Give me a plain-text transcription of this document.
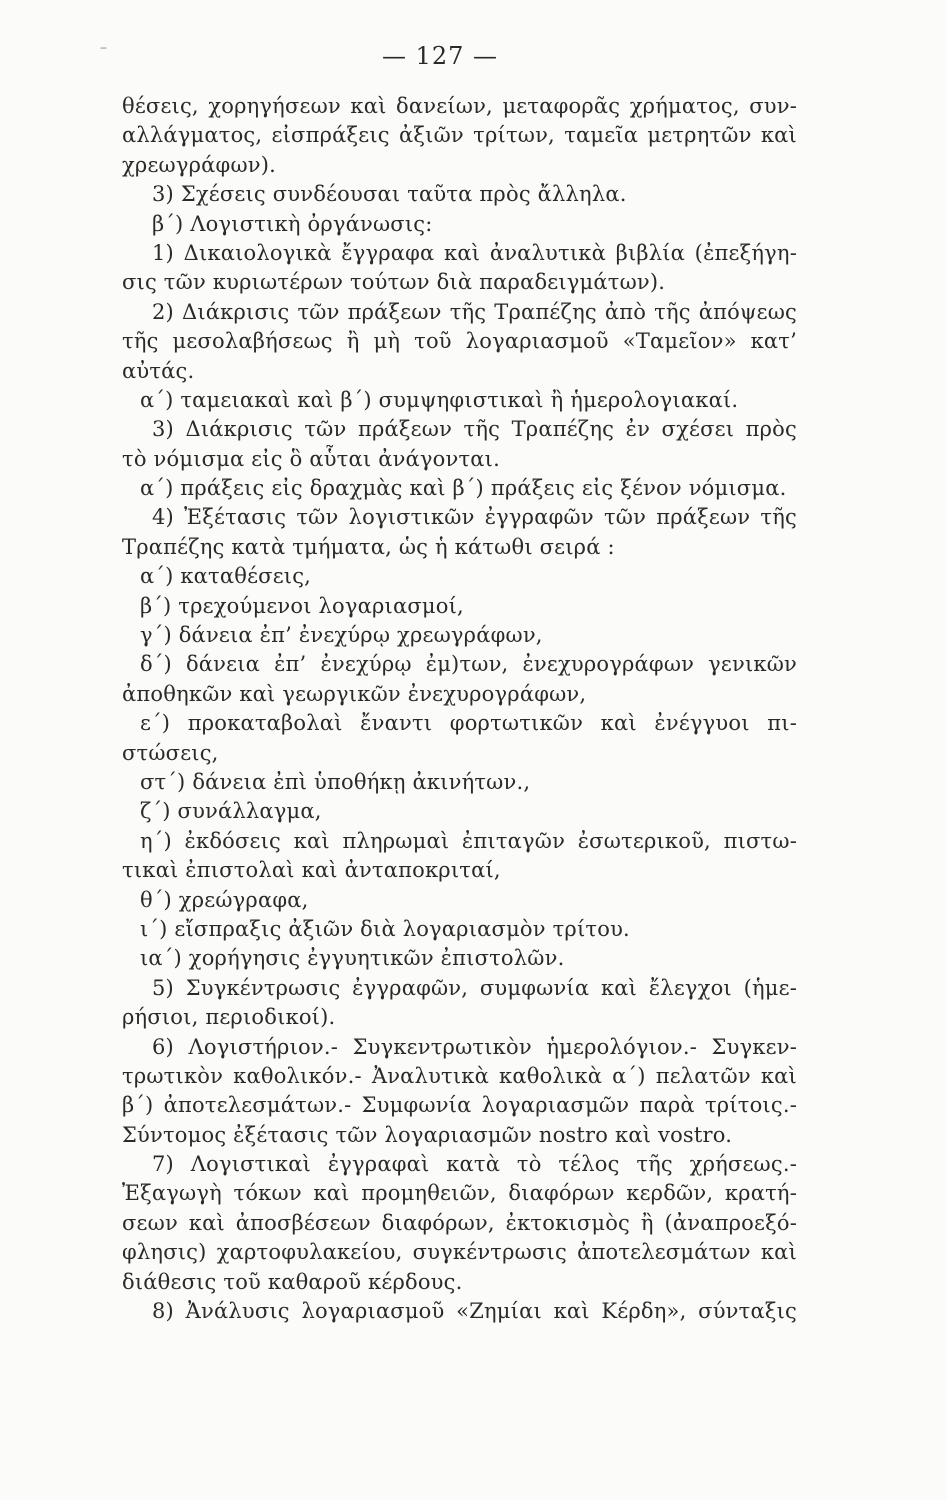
–	— 127 —
θέσεις, χορηγήσεων καὶ δανείων, μεταφορᾶς χρήματος, συν-
αλλάγματος, εἰσπράξεις ἀξιῶν τρίτων, ταμεῖα μετρητῶν καὶ
χρεωγράφων).
3) Σχέσεις συνδέουσαι ταῦτα πρὸς ἄλληλα.
β΄) Λογιστικὴ ὀργάνωσις:
1) Δικαιολογικὰ ἔγγραφα καὶ ἀναλυτικὰ βιβλία (ἐπεξήγη-
σις τῶν κυριωτέρων τούτων διὰ παραδειγμάτων).
2) Διάκρισις τῶν πράξεων τῆς Τραπέζης ἀπὸ τῆς ἀπόψεως
τῆς μεσολαβήσεως ἢ μὴ τοῦ λογαριασμοῦ «Ταμεῖον» κατ’
αὐτάς.
α΄) ταμειακαὶ καὶ β΄) συμψηφιστικαὶ ἢ ἡμερολογιακαί.
3) Διάκρισις τῶν πράξεων τῆς Τραπέζης ἐν σχέσει πρὸς
τὸ νόμισμα εἰς ὃ αὗται ἀνάγονται.
α΄) πράξεις εἰς δραχμὰς καὶ β΄) πράξεις εἰς ξένον νόμισμα.
4) Ἐξέτασις τῶν λογιστικῶν ἐγγραφῶν τῶν πράξεων τῆς
Τραπέζης κατὰ τμήματα, ὡς ἡ κάτωθι σειρά :
α΄) καταθέσεις,
β΄) τρεχούμενοι λογαριασμοί,
γ΄) δάνεια ἐπ’ ἐνεχύρῳ χρεωγράφων,
δ΄) δάνεια ἐπ’ ἐνεχύρῳ ἐμ)των, ἐνεχυρογράφων γενικῶν
ἀποθηκῶν καὶ γεωργικῶν ἐνεχυρογράφων,
ε΄) προκαταβολαὶ ἔναντι φορτωτικῶν καὶ ἐνέγγυοι πι-
στώσεις,
στ΄) δάνεια ἐπὶ ὑποθήκῃ ἀκινήτων.,
ζ΄) συνάλλαγμα,
η΄) ἐκδόσεις καὶ πληρωμαὶ ἐπιταγῶν ἐσωτερικοῦ, πιστω-
τικαὶ ἐπιστολαὶ καὶ ἀνταποκριταί,
θ΄) χρεώγραφα,
ι΄) εἴσπραξις ἀξιῶν διὰ λογαριασμὸν τρίτου.
ια΄) χορήγησις ἐγγυητικῶν ἐπιστολῶν.
5) Συγκέντρωσις ἐγγραφῶν, συμφωνία καὶ ἔλεγχοι (ἡμε-
ρήσιοι, περιοδικοί).
6) Λογιστήριον.- Συγκεντρωτικὸν ἡμερολόγιον.- Συγκεν-
τρωτικὸν καθολικόν.- Ἀναλυτικὰ καθολικὰ α΄) πελατῶν καὶ
β΄) ἀποτελεσμάτων.- Συμφωνία λογαριασμῶν παρὰ τρίτοις.-
Σύντομος ἐξέτασις τῶν λογαριασμῶν nostro καὶ vostro.
7) Λογιστικαὶ ἐγγραφαὶ κατὰ τὸ τέλος τῆς χρήσεως.-
Ἐξαγωγὴ τόκων καὶ προμηθειῶν, διαφόρων κερδῶν, κρατή-
σεων καὶ ἀποσβέσεων διαφόρων, ἐκτοκισμὸς ἢ (ἀναπροεξό-
φλησις) χαρτοφυλακείου, συγκέντρωσις ἀποτελεσμάτων καὶ
διάθεσις τοῦ καθαροῦ κέρδους.
8) Ἀνάλυσις λογαριασμοῦ «Ζημίαι καὶ Κέρδη», σύνταξις
